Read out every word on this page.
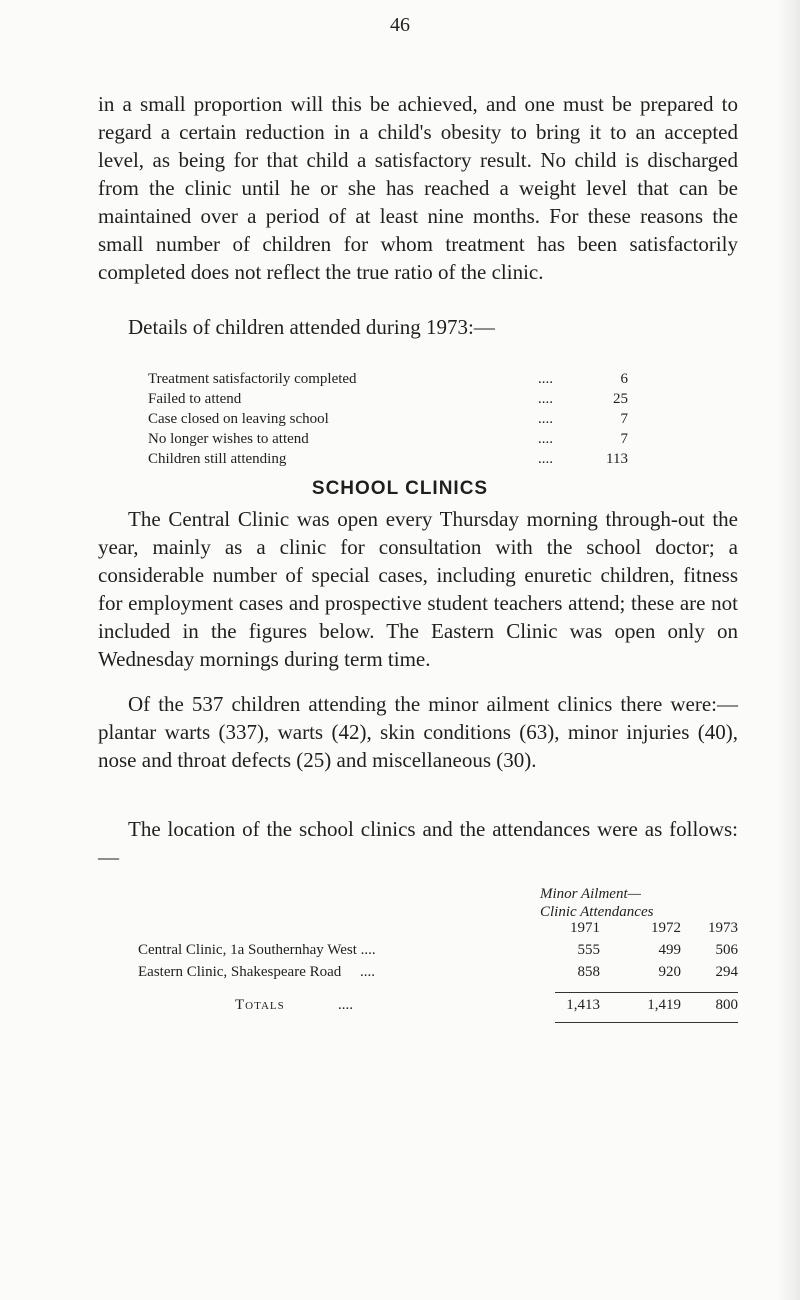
46

in a small proportion will this be achieved, and one must be prepared to regard a certain reduction in a child's obesity to bring it to an accepted level, as being for that child a satisfactory result. No child is discharged from the clinic until he or she has reached a weight level that can be maintained over a period of at least nine months. For these reasons the small number of children for whom treatment has been satisfactorily completed does not reflect the true ratio of the clinic.

Details of children attended during 1973:—

Treatment satisfactorily completed	....	6
Failed to attend	....	25
Case closed on leaving school	....	7
No longer wishes to attend	....	7
Children still attending	....	113
SCHOOL CLINICS

The Central Clinic was open every Thursday morning through-out the year, mainly as a clinic for consultation with the school doctor; a considerable number of special cases, including enuretic children, fitness for employment cases and prospective student teachers attend; these are not included in the figures below. The Eastern Clinic was open only on Wednesday mornings during term time.

Of the 537 children attending the minor ailment clinics there were:—plantar warts (337), warts (42), skin conditions (63), minor injuries (40), nose and throat defects (25) and miscellaneous (30).

The location of the school clinics and the attendances were as follows:—

Minor Ailment—
Clinic Attendances
1971	1972	1973
Central Clinic, 1a Southernhay West ....	555	499	506
Eastern Clinic, Shakespeare Road     ....	858	920	294
Totals	....	1,413	1,419	800
